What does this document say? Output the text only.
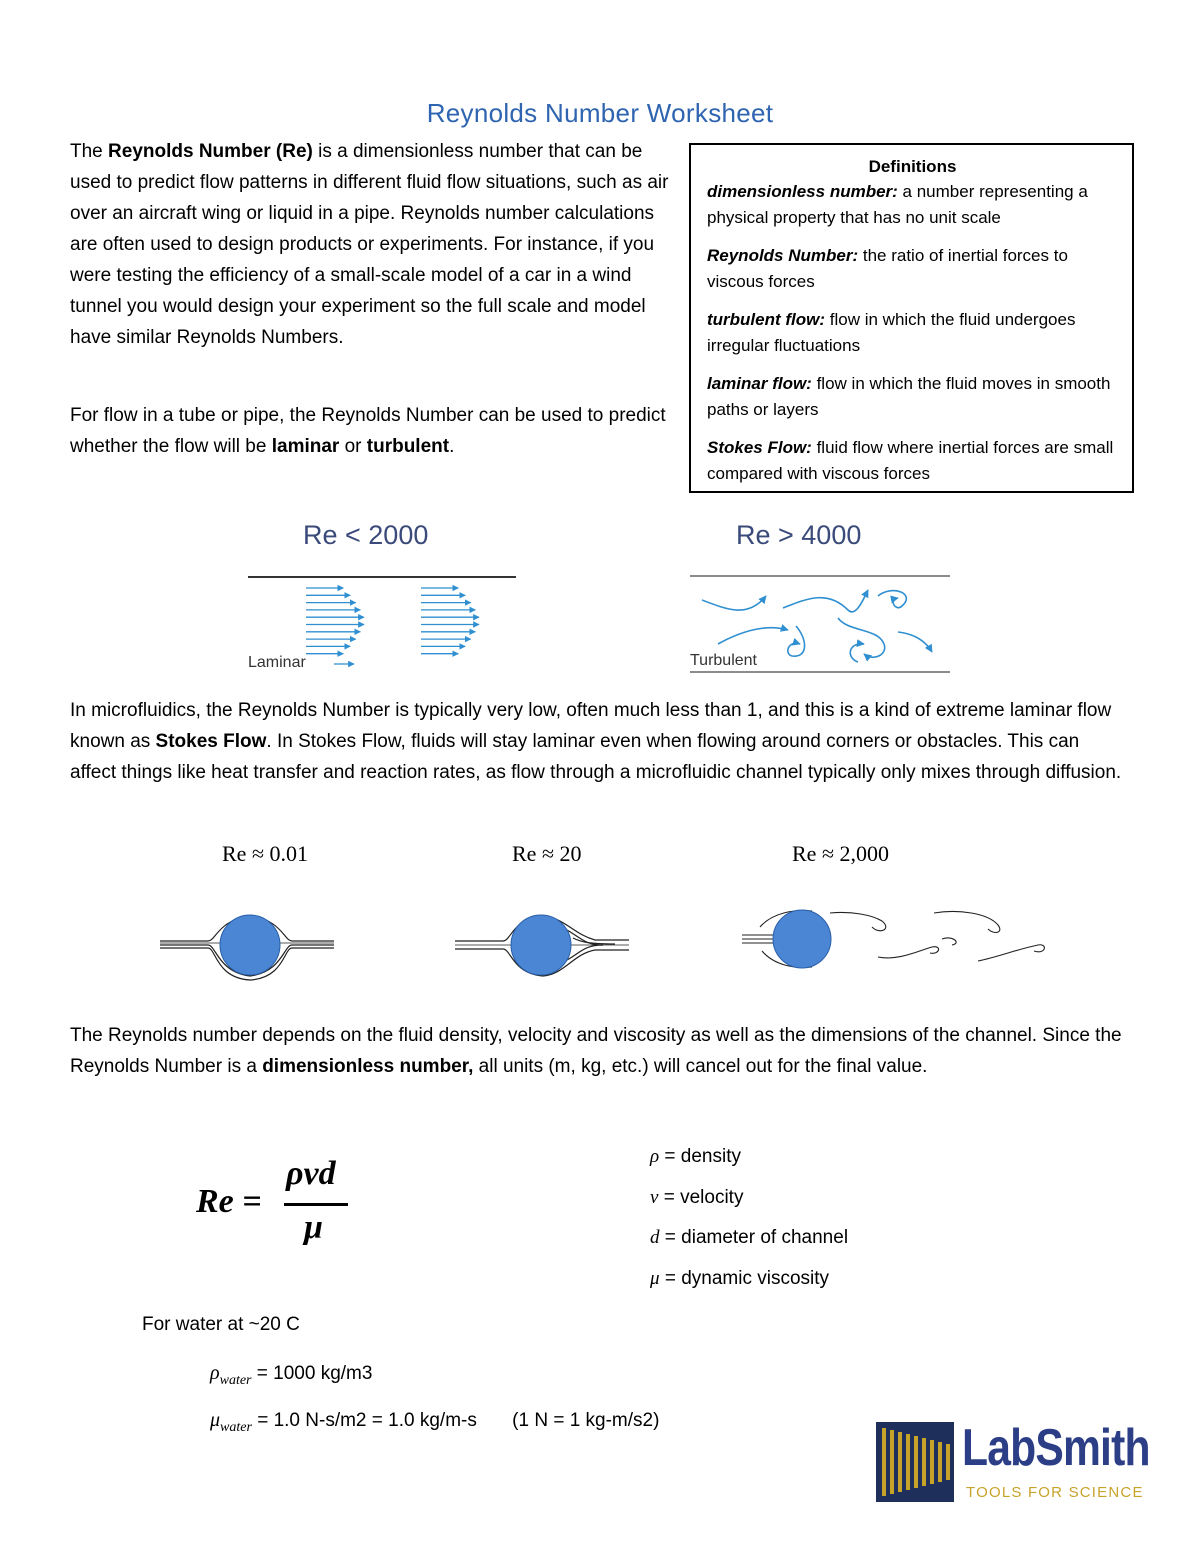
Reynolds Number Worksheet

The Reynolds Number (Re) is a dimensionless number that can be used to predict flow patterns in different fluid flow situations, such as air over an aircraft wing or liquid in a pipe. Reynolds number calculations are often used to design products or experiments. For instance, if you were testing the efficiency of a small-scale model of a car in a wind tunnel you would design your experiment so the full scale and model have similar Reynolds Numbers.

For flow in a tube or pipe, the Reynolds Number can be used to predict whether the flow will be laminar or turbulent.

Definitions
dimensionless number: a number representing a physical property that has no unit scale
Reynolds Number: the ratio of inertial forces to viscous forces
turbulent flow: flow in which the fluid undergoes irregular fluctuations
laminar flow: flow in which the fluid moves in smooth paths or layers
Stokes Flow: fluid flow where inertial forces are small compared with viscous forces
Re < 2000
Laminar
Re > 4000
Turbulent

In microfluidics, the Reynolds Number is typically very low, often much less than 1, and this is a kind of extreme laminar flow known as Stokes Flow. In Stokes Flow, fluids will stay laminar even when flowing around corners or obstacles. This can affect things like heat transfer and reaction rates, as flow through a microfluidic channel typically only mixes through diffusion.

Re ≈ 0.01	Re ≈ 20	Re ≈ 2,000

The Reynolds number depends on the fluid density, velocity and viscosity as well as the dimensions of the channel. Since the Reynolds Number is a dimensionless number, all units (m, kg, etc.) will cancel out for the final value.

Re =
ρvd
μ
ρ = density
v = velocity
d = diameter of channel
μ = dynamic viscosity
For water at ~20 C
$\rho_{water} = 1000$ kg/m3
$\mu_{water} = 1.0$ N-s/m2 = 1.0 kg/m-s (1 N = 1 kg-m/s2)	LabSmith
TOOLS FOR SCIENCE
